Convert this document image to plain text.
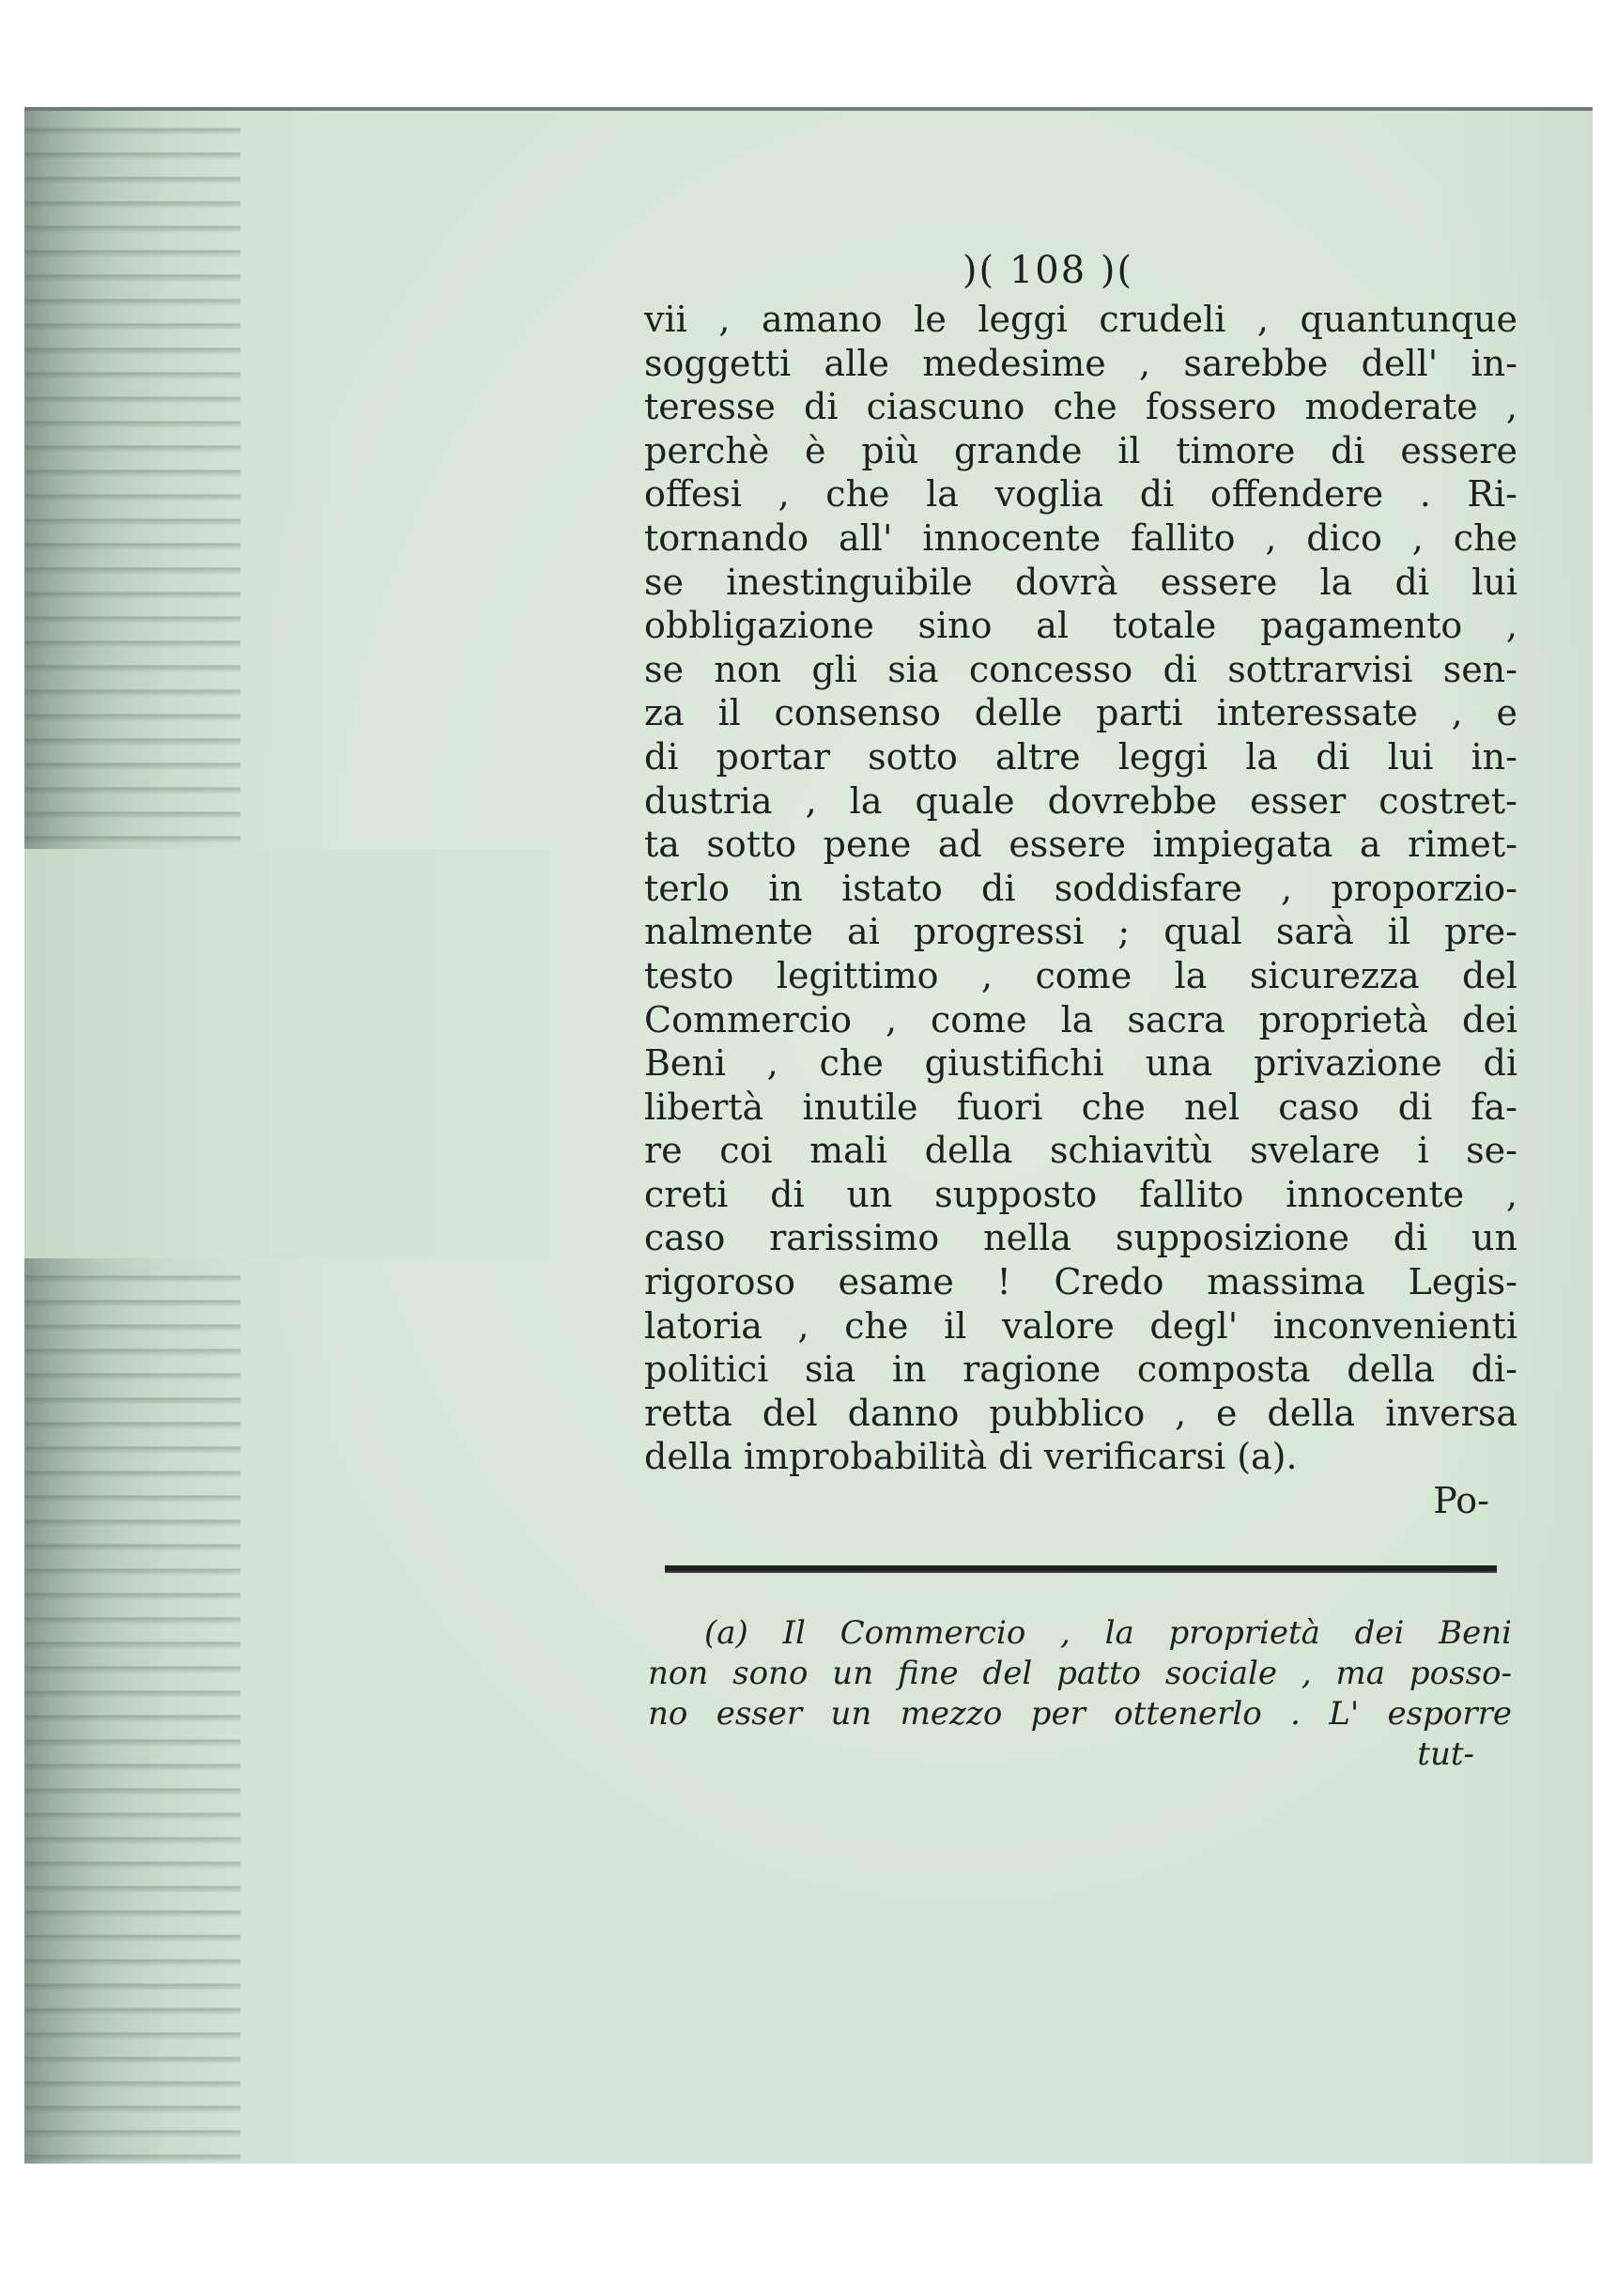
)( 108 )(
vii , amano le leggi crudeli , quantunque
soggetti alle medesime , sarebbe dell' in-
teresse di ciascuno che fossero moderate ,
perchè è più grande il timore di essere
offesi , che la voglia di offendere . Ri-
tornando all' innocente fallito , dico , che
se inestinguibile dovrà essere la di lui
obbligazione sino al totale pagamento ,
se non gli sia concesso di sottrarvisi sen-
za il consenso delle parti interessate , e
di portar sotto altre leggi la di lui in-
dustria , la quale dovrebbe esser costret-
ta sotto pene ad essere impiegata a rimet-
terlo in istato di soddisfare , proporzio-
nalmente ai progressi ; qual sarà il pre-
testo legittimo , come la sicurezza del
Commercio , come la sacra proprietà dei
Beni , che giustifichi una privazione di
libertà inutile fuori che nel caso di fa-
re coi mali della schiavitù svelare i se-
creti di un supposto fallito innocente ,
caso rarissimo nella supposizione di un
rigoroso esame ! Credo massima Legis-
latoria , che il valore degl' inconvenienti
politici sia in ragione composta della di-
retta del danno pubblico , e della inversa
della improbabilità di verificarsi (a).
Po-
(a) Il Commercio , la proprietà dei Beni
non sono un fine del patto sociale , ma posso-
no esser un mezzo per ottenerlo . L' esporre
tut-
